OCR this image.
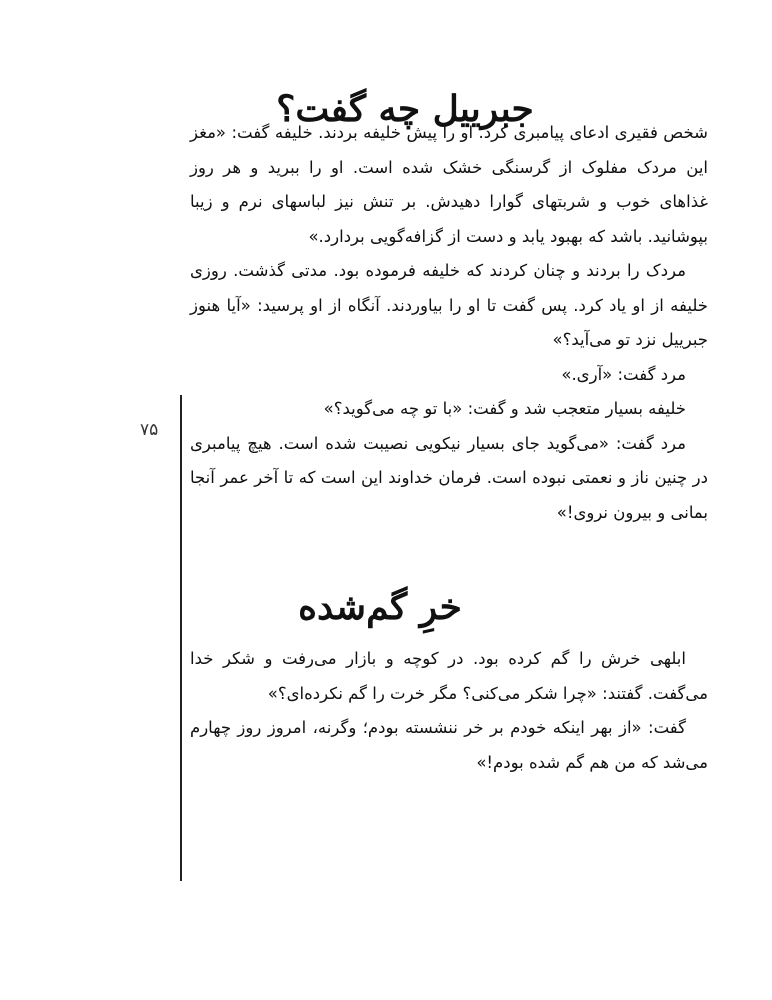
۷۵
جبرییل چه گفت؟

شخص فقیری ادعای پیامبری کرد. او را پیش خلیفه بردند. خلیفه گفت: «مغز این مردک مفلوک از گرسنگی خشک شده است. او را ببرید و هر روز غذاهای خوب و شربتهای گوارا دهیدش. بر تنش نیز لباسهای نرم و زیبا بپوشانید. باشد که بهبود یابد و دست از گزافه‌گویی بردارد.»

مردک را بردند و چنان کردند که خلیفه فرموده بود. مدتی گذشت. روزی خلیفه از او یاد کرد. پس گفت تا او را بیاوردند. آنگاه از او پرسید: «آیا هنوز جبرییل نزد تو می‌آید؟»

مرد گفت: «آری.»

خلیفه بسیار متعجب شد و گفت: «با تو چه می‌گوید؟»

مرد گفت: «می‌گوید جای بسیار نیکویی نصیبت شده است. هیچ پیامبری در چنین ناز و نعمتی نبوده است. فرمان خداوند این است که تا آخر عمر آنجا بمانی و بیرون نروی!»

خرِ گم‌شده

ابلهی خرش را گم کرده بود. در کوچه و بازار می‌رفت و شکر خدا می‌گفت. گفتند: «چرا شکر می‌کنی؟ مگر خرت را گم نکرده‌ای؟»

گفت: «از بهر اینکه خودم بر خر ننشسته بودم؛ وگرنه، امروز روز چهارم می‌شد که من هم گم شده بودم!»
